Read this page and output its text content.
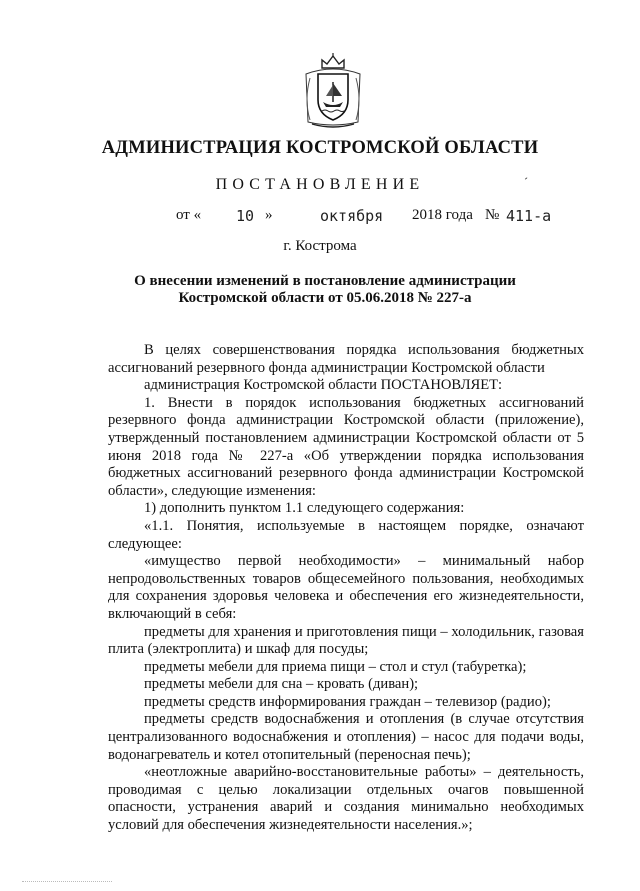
АДМИНИСТРАЦИЯ КОСТРОМСКОЙ ОБЛАСТИ
ПОСТАНОВЛЕНИЕ	ˊ
от « 10 »	октября 2018 года № 411-а
г. Кострома
О внесении изменений в постановление администрации
Костромской области от 05.06.2018 № 227-а

В целях совершенствования порядка использования бюджетных ассигнований резервного фонда администрации Костромской области

администрация Костромской области ПОСТАНОВЛЯЕТ:

1. Внести в порядок использования бюджетных ассигнований резервного фонда администрации Костромской области (приложение), утвержденный постановлением администрации Костромской области от 5 июня 2018 года № 227-а «Об утверждении порядка использования бюджетных ассигнований резервного фонда администрации Костромской области», следующие изменения:

1) дополнить пунктом 1.1 следующего содержания:

«1.1. Понятия, используемые в настоящем порядке, означают следующее:

«имущество первой необходимости» – минимальный набор непродовольственных товаров общесемейного пользования, необходимых для сохранения здоровья человека и обеспечения его жизнедеятельности, включающий в себя:

предметы для хранения и приготовления пищи – холодильник, газовая плита (электроплита) и шкаф для посуды;

предметы мебели для приема пищи – стол и стул (табуретка);

предметы мебели для сна – кровать (диван);

предметы средств информирования граждан – телевизор (радио);

предметы средств водоснабжения и отопления (в случае отсутствия централизованного водоснабжения и отопления) – насос для подачи воды, водонагреватель и котел отопительный (переносная печь);

«неотложные аварийно-восстановительные работы» – деятельность, проводимая с целью локализации отдельных очагов повышенной опасности, устранения аварий и создания минимально необходимых условий для обеспечения жизнедеятельности населения.»;
